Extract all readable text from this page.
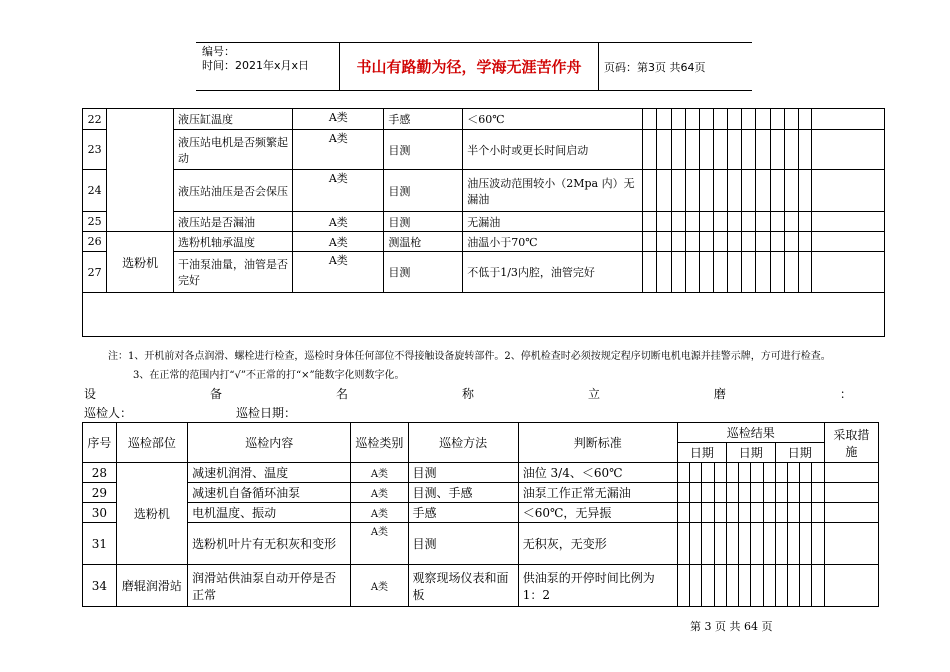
编号：
时间：2021年x月x日	书山有路勤为径，学海无涯苦作舟	页码：第3页 共64页
22		液压缸温度	A类	手感	＜60℃													
23		液压站电机是否频繁起动	A类	目测	半个小时或更长时间启动													
24		液压站油压是否会保压	A类	目测	油压波动范围较小（2Mpa 内）无漏油													
25		液压站是否漏油	A类	目测	无漏油													
26	选粉机	选粉机轴承温度	A类	测温枪	油温小于70℃													
27		干油泵油量，油管是否完好	A类	目测	不低于1/3内腔，油管完好													

注：1、开机前对各点润滑、螺栓进行检查，巡检时身体任何部位不得接触设备旋转部件。2、停机检查时必须按规定程序切断电机电源并挂警示牌，方可进行检查。
3、在正常的范围内打“√”不正常的打“×”能数字化则数字化。
设	备	名	称	立	磨	：
巡检人：	巡检日期：
序号	巡检部位	巡检内容	巡检类别	巡检方法	判断标准	巡检结果												采取措施
						日期				日期				日期				
28	选粉机	减速机润滑、温度	A类	目测	油位 3/4、＜60℃													
29		减速机自备循环油泵	A类	目测、手感	油泵工作正常无漏油													
30		电机温度、振动	A类	手感	＜60℃，无异振													
31		选粉机叶片有无积灰和变形	A类	目测	无积灰，无变形													
34	磨辊润滑站	润滑站供油泵自动开停是否正常	A类	观察现场仪表和面板	供油泵的开停时间比例为1：2													
第 3 页 共 64 页
